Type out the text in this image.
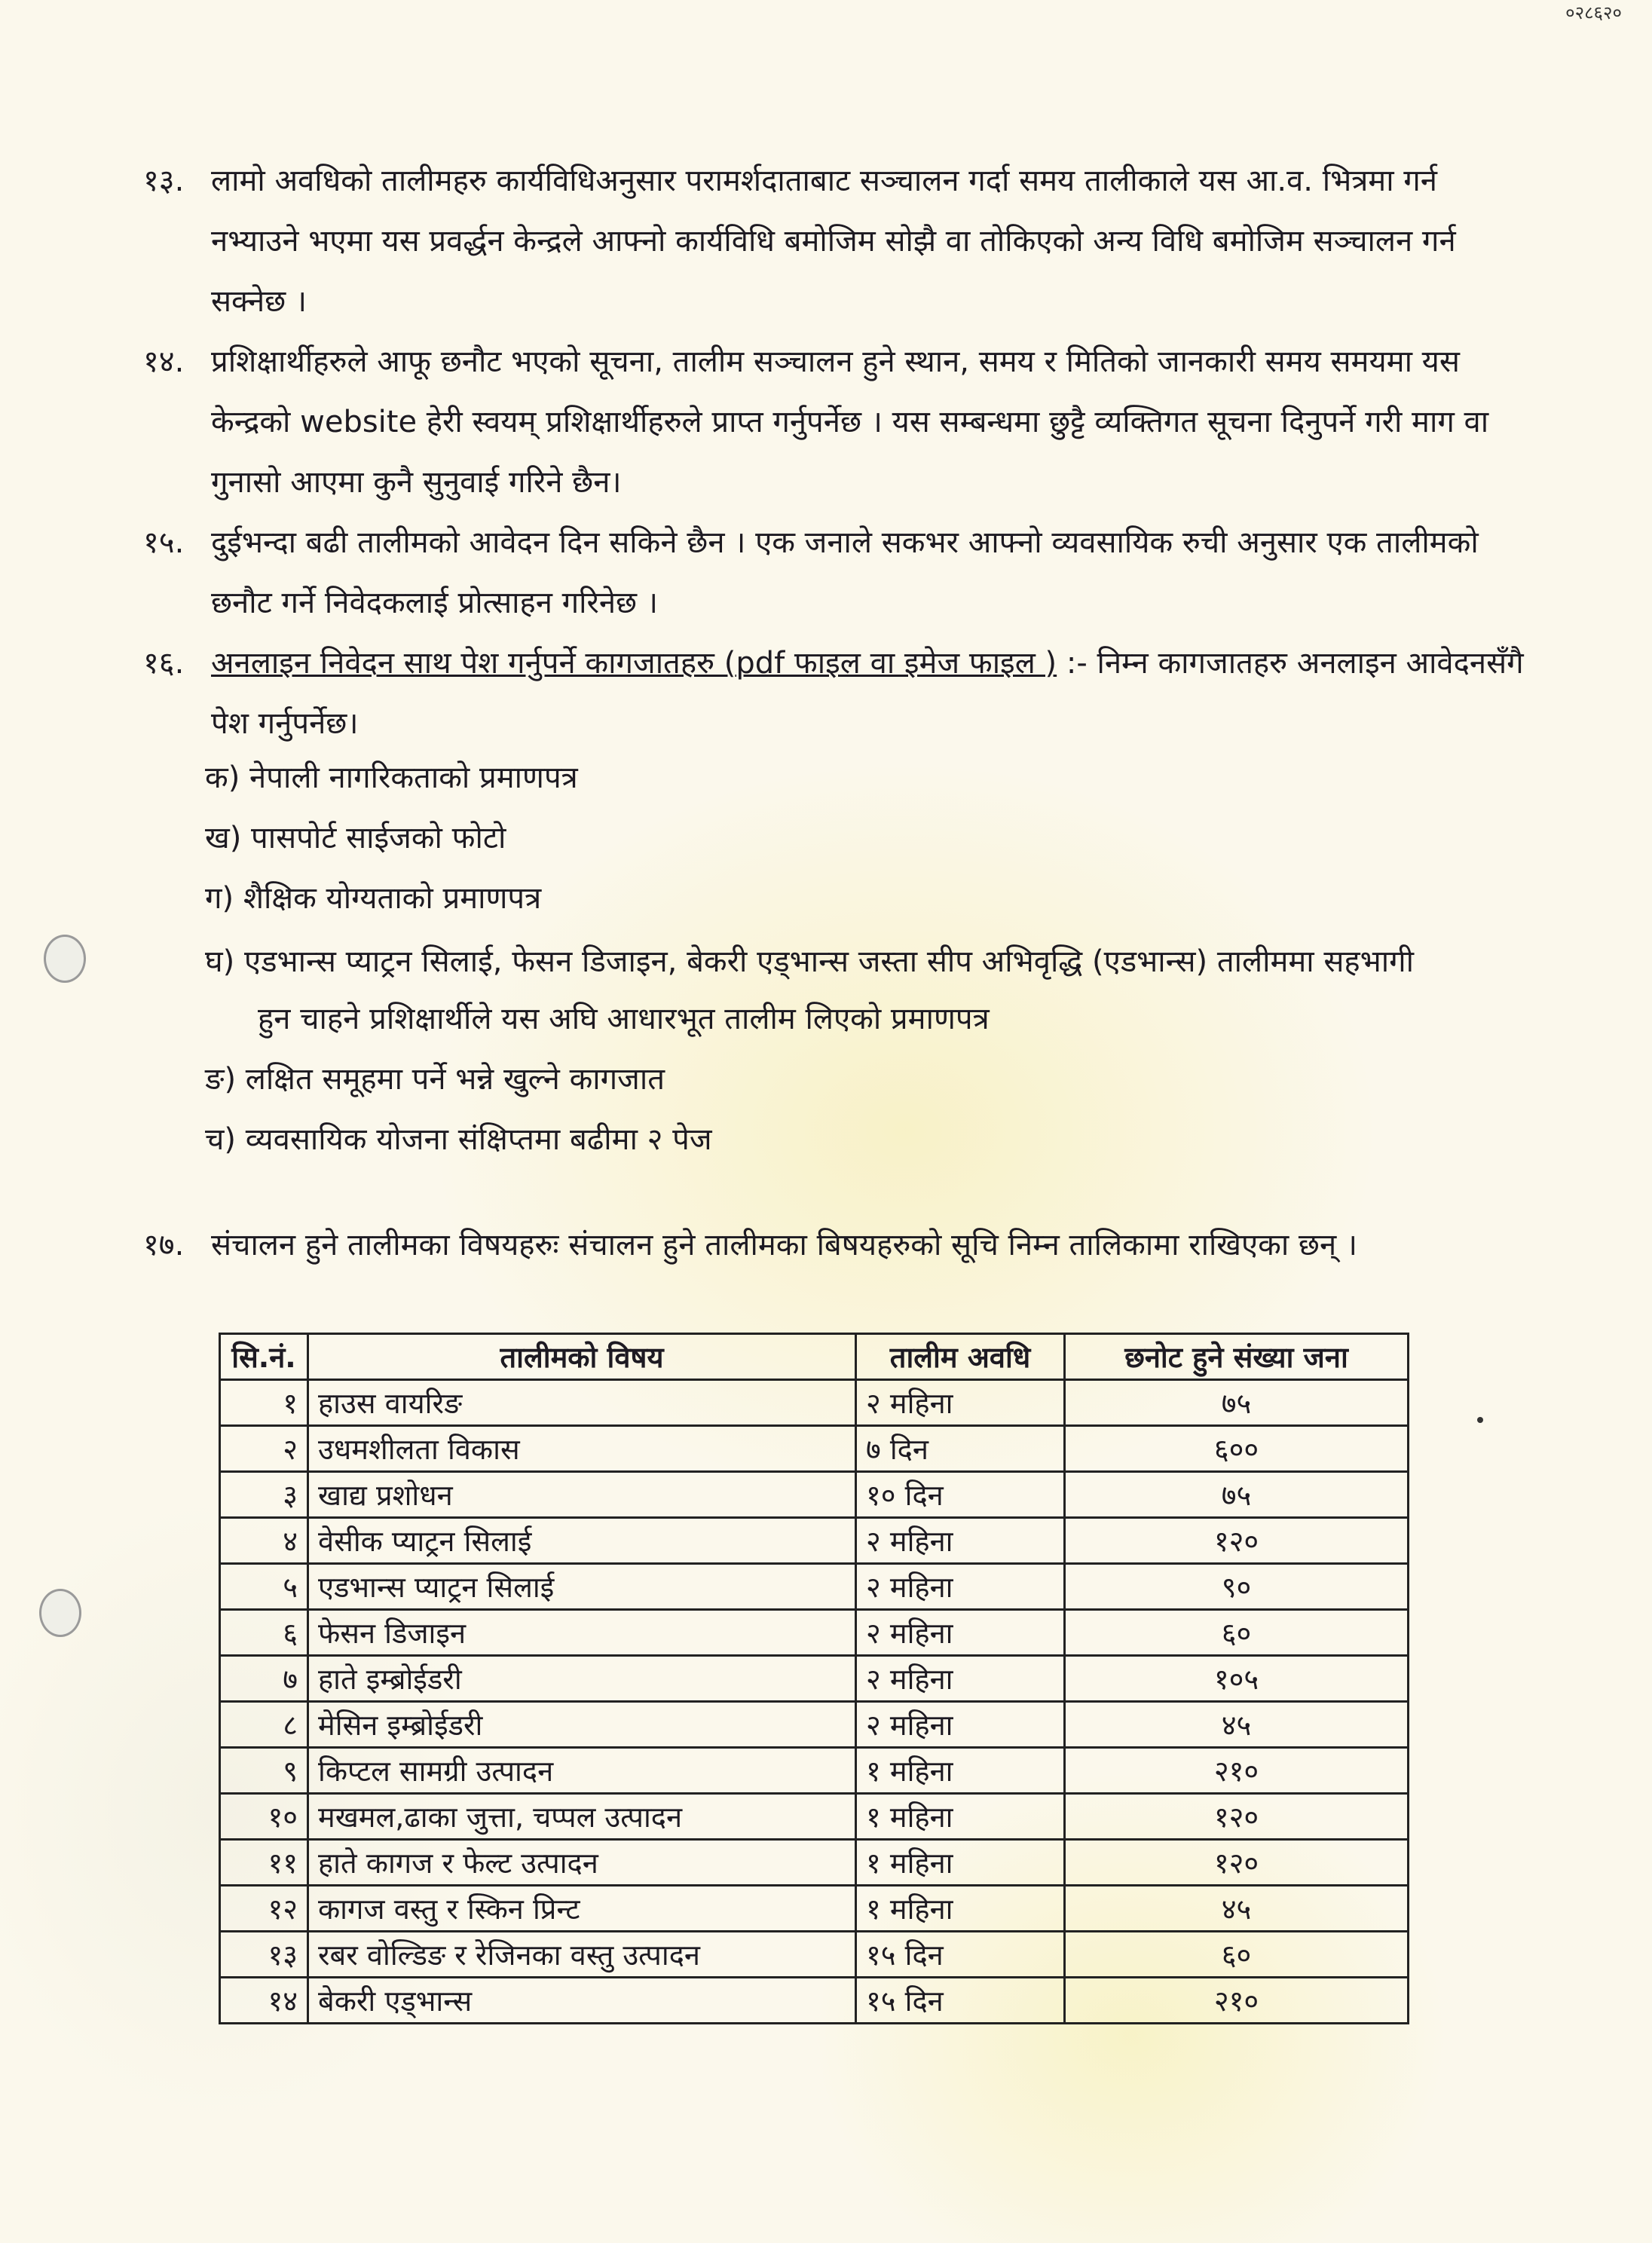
०२८६२०
१३. लामो अवधिको तालीमहरु कार्यविधिअनुसार परामर्शदाताबाट सञ्चालन गर्दा समय तालीकाले यस आ.व. भित्रमा गर्न नभ्याउने भएमा यस प्रवर्द्धन केन्द्रले आफ्नो कार्यविधि बमोजिम सोझै वा तोकिएको अन्य विधि बमोजिम सञ्चालन गर्न सक्नेछ ।
१४. प्रशिक्षार्थीहरुले आफू छनौट भएको सूचना, तालीम सञ्चालन हुने स्थान, समय र मितिको जानकारी समय समयमा यस केन्द्रको website हेरी स्वयम् प्रशिक्षार्थीहरुले प्राप्त गर्नुपर्नेछ । यस सम्बन्धमा छुट्टै व्यक्तिगत सूचना दिनुपर्ने गरी माग वा गुनासो आएमा कुनै सुनुवाई गरिने छैन।
१५. दुईभन्दा बढी तालीमको आवेदन दिन सकिने छैन । एक जनाले सकभर आफ्नो व्यवसायिक रुची अनुसार एक तालीमको छनौट गर्ने निवेदकलाई प्रोत्साहन गरिनेछ ।
१६. अनलाइन निवेदन साथ पेश गर्नुपर्ने कागजातहरु (pdf फाइल वा इमेज फाइल ) :- निम्न कागजातहरु अनलाइन आवेदनसँगै पेश गर्नुपर्नेछ।
क) नेपाली नागरिकताको प्रमाणपत्र
ख) पासपोर्ट साईजको फोटो
ग) शैक्षिक योग्यताको प्रमाणपत्र
घ) एडभान्स प्याट्रन सिलाई, फेसन डिजाइन, बेकरी एड्भान्स जस्ता सीप अभिवृद्धि (एडभान्स) तालीममा सहभागी
हुन चाहने प्रशिक्षार्थीले यस अघि आधारभूत तालीम लिएको प्रमाणपत्र
ङ) लक्षित समूहमा पर्ने भन्ने खुल्ने कागजात
च) व्यवसायिक योजना संक्षिप्तमा बढीमा २ पेज
१७. संचालन हुने तालीमका विषयहरुः संचालन हुने तालीमका बिषयहरुको सूचि निम्न तालिकामा राखिएका छन् ।
सि.नं.	तालीमको विषय	तालीम अवधि	छनोट हुने संख्या जना
१	हाउस वायरिङ	२ महिना	७५
२	उधमशीलता विकास	७ दिन	६००
३	खाद्य प्रशोधन	१० दिन	७५
४	वेसीक प्याट्रन सिलाई	२ महिना	१२०
५	एडभान्स प्याट्रन सिलाई	२ महिना	९०
६	फेसन डिजाइन	२ महिना	६०
७	हाते इम्ब्रोईडरी	२ महिना	१०५
८	मेसिन इम्ब्रोईडरी	२ महिना	४५
९	किप्टल सामग्री उत्पादन	१ महिना	२१०
१०	मखमल,ढाका जुत्ता, चप्पल उत्पादन	१ महिना	१२०
११	हाते कागज र फेल्ट उत्पादन	१ महिना	१२०
१२	कागज वस्तु र स्किन प्रिन्ट	१ महिना	४५
१३	रबर वोल्डिङ र रेजिनका वस्तु उत्पादन	१५ दिन	६०
१४	बेकरी एड्भान्स	१५ दिन	२१०
